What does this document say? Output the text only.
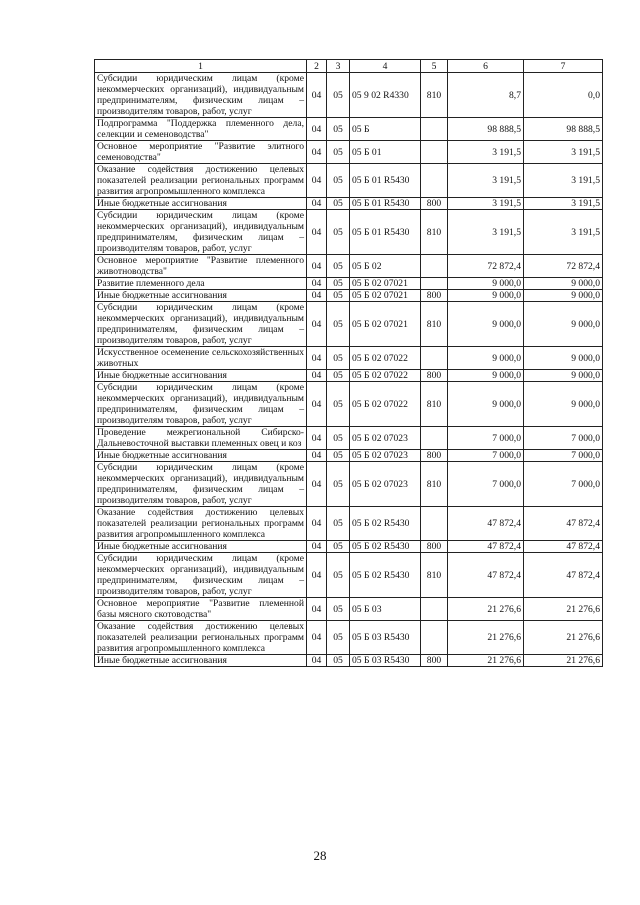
1	2	3	4	5	6	7
Субсидии юридическим лицам (кроме некоммерческих организаций), индивидуальным предпринимателям, физическим лицам – производителям товаров, работ, услуг	04	05	05 9 02 R4330	810	8,7	0,0
Подпрограмма "Поддержка племенного дела, селекции и семеноводства"	04	05	05 Б		98 888,5	98 888,5
Основное мероприятие "Развитие элитного семеноводства"	04	05	05 Б 01		3 191,5	3 191,5
Оказание содействия достижению целевых показателей реализации региональных программ развития агропромышленного комплекса	04	05	05 Б 01 R5430		3 191,5	3 191,5
Иные бюджетные ассигнования	04	05	05 Б 01 R5430	800	3 191,5	3 191,5
Субсидии юридическим лицам (кроме некоммерческих организаций), индивидуальным предпринимателям, физическим лицам – производителям товаров, работ, услуг	04	05	05 Б 01 R5430	810	3 191,5	3 191,5
Основное мероприятие "Развитие племенного животноводства"	04	05	05 Б 02		72 872,4	72 872,4
Развитие племенного дела	04	05	05 Б 02 07021		9 000,0	9 000,0
Иные бюджетные ассигнования	04	05	05 Б 02 07021	800	9 000,0	9 000,0
Субсидии юридическим лицам (кроме некоммерческих организаций), индивидуальным предпринимателям, физическим лицам – производителям товаров, работ, услуг	04	05	05 Б 02 07021	810	9 000,0	9 000,0
Искусственное осеменение сельскохозяйственных животных	04	05	05 Б 02 07022		9 000,0	9 000,0
Иные бюджетные ассигнования	04	05	05 Б 02 07022	800	9 000,0	9 000,0
Субсидии юридическим лицам (кроме некоммерческих организаций), индивидуальным предпринимателям, физическим лицам – производителям товаров, работ, услуг	04	05	05 Б 02 07022	810	9 000,0	9 000,0
Проведение межрегиональной Сибирско-Дальневосточной выставки племенных овец и коз	04	05	05 Б 02 07023		7 000,0	7 000,0
Иные бюджетные ассигнования	04	05	05 Б 02 07023	800	7 000,0	7 000,0
Субсидии юридическим лицам (кроме некоммерческих организаций), индивидуальным предпринимателям, физическим лицам – производителям товаров, работ, услуг	04	05	05 Б 02 07023	810	7 000,0	7 000,0
Оказание содействия достижению целевых показателей реализации региональных программ развития агропромышленного комплекса	04	05	05 Б 02 R5430		47 872,4	47 872,4
Иные бюджетные ассигнования	04	05	05 Б 02 R5430	800	47 872,4	47 872,4
Субсидии юридическим лицам (кроме некоммерческих организаций), индивидуальным предпринимателям, физическим лицам – производителям товаров, работ, услуг	04	05	05 Б 02 R5430	810	47 872,4	47 872,4
Основное мероприятие "Развитие племенной базы мясного скотоводства"	04	05	05 Б 03		21 276,6	21 276,6
Оказание содействия достижению целевых показателей реализации региональных программ развития агропромышленного комплекса	04	05	05 Б 03 R5430		21 276,6	21 276,6
Иные бюджетные ассигнования	04	05	05 Б 03 R5430	800	21 276,6	21 276,6
28
